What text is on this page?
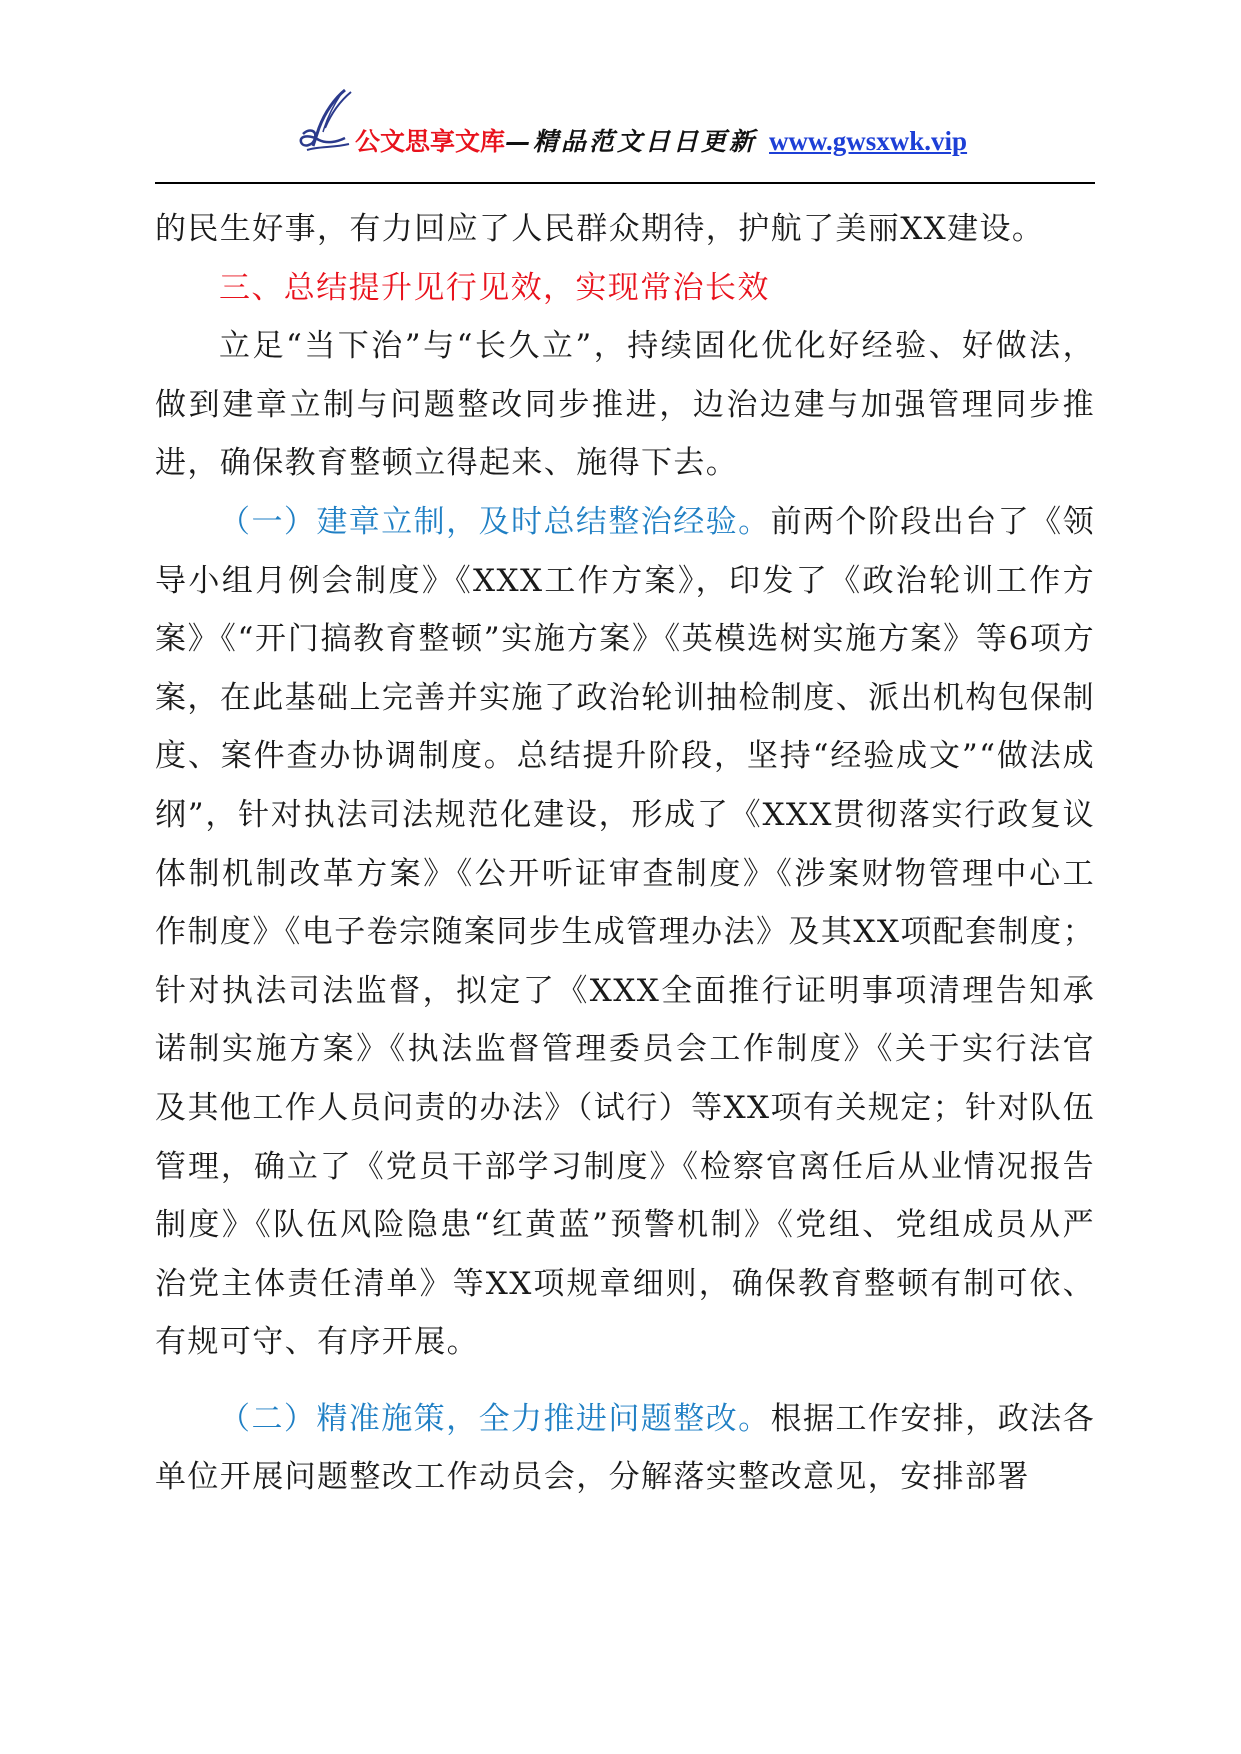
公文思享文库—精品范文日日更新 www.gwsxwk.vip

的民生好事，有力回应了人民群众期待，护航了美丽XX建设。

三、总结提升见行见效，实现常治长效

立足“当下治”与“长久立”，持续固化优化好经验、好做法，做到建章立制与问题整改同步推进，边治边建与加强管理同步推进，确保教育整顿立得起来、施得下去。

（一）建章立制，及时总结整治经验。前两个阶段出台了《领导小组月例会制度》《XXX工作方案》，印发了《政治轮训工作方案》《“开门搞教育整顿”实施方案》《英模选树实施方案》等6项方案，在此基础上完善并实施了政治轮训抽检制度、派出机构包保制度、案件查办协调制度。总结提升阶段，坚持“经验成文”“做法成纲”，针对执法司法规范化建设，形成了《XXX贯彻落实行政复议体制机制改革方案》《公开听证审查制度》《涉案财物管理中心工作制度》《电子卷宗随案同步生成管理办法》及其XX项配套制度；针对执法司法监督，拟定了《XXX全面推行证明事项清理告知承诺制实施方案》《执法监督管理委员会工作制度》《关于实行法官及其他工作人员问责的办法》（试行）等XX项有关规定；针对队伍管理，确立了《党员干部学习制度》《检察官离任后从业情况报告制度》《队伍风险隐患“红黄蓝”预警机制》《党组、党组成员从严治党主体责任清单》等XX项规章细则，确保教育整顿有制可依、有规可守、有序开展。

（二）精准施策，全力推进问题整改。根据工作安排，政法各单位开展问题整改工作动员会，分解落实整改意见，安排部署
